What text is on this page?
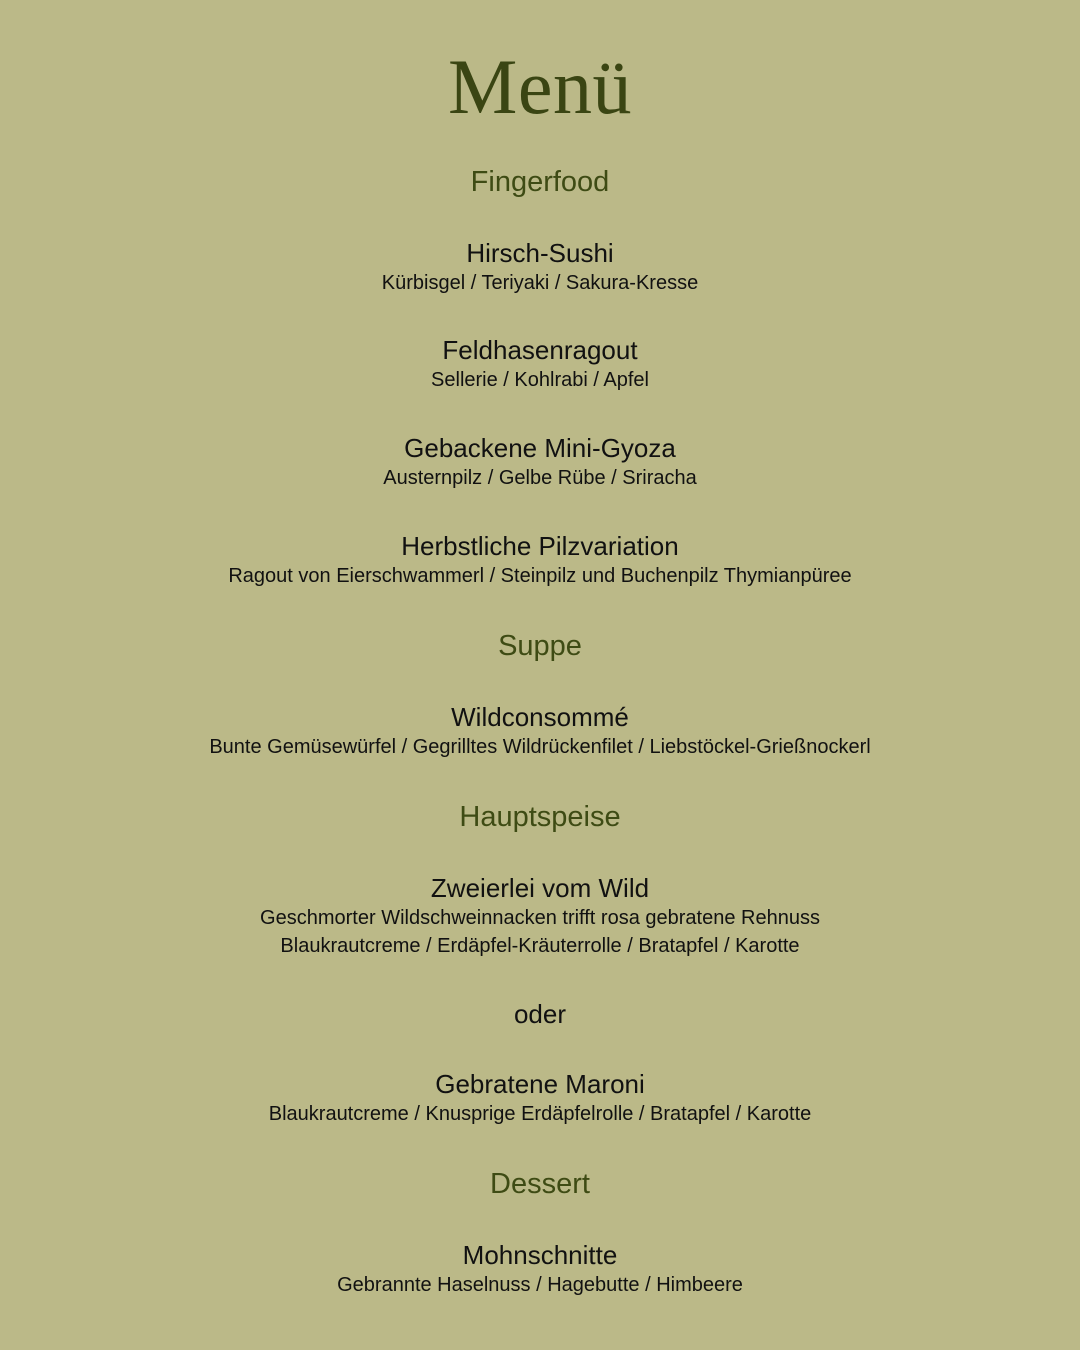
Menü
Fingerfood
Hirsch-Sushi
Kürbisgel / Teriyaki / Sakura-Kresse
Feldhasenragout
Sellerie / Kohlrabi / Apfel
Gebackene Mini-Gyoza
Austernpilz / Gelbe Rübe / Sriracha
Herbstliche Pilzvariation
Ragout von Eierschwammerl / Steinpilz und Buchenpilz Thymianpüree
Suppe
Wildconsommé
Bunte Gemüsewürfel / Gegrilltes Wildrückenfilet / Liebstöckel-Grießnockerl
Hauptspeise
Zweierlei vom Wild
Geschmorter Wildschweinnacken trifft rosa gebratene Rehnuss
Blaukrautcreme / Erdäpfel-Kräuterrolle / Bratapfel / Karotte
oder
Gebratene Maroni
Blaukrautcreme / Knusprige Erdäpfelrolle / Bratapfel / Karotte
Dessert
Mohnschnitte
Gebrannte Haselnuss / Hagebutte / Himbeere
